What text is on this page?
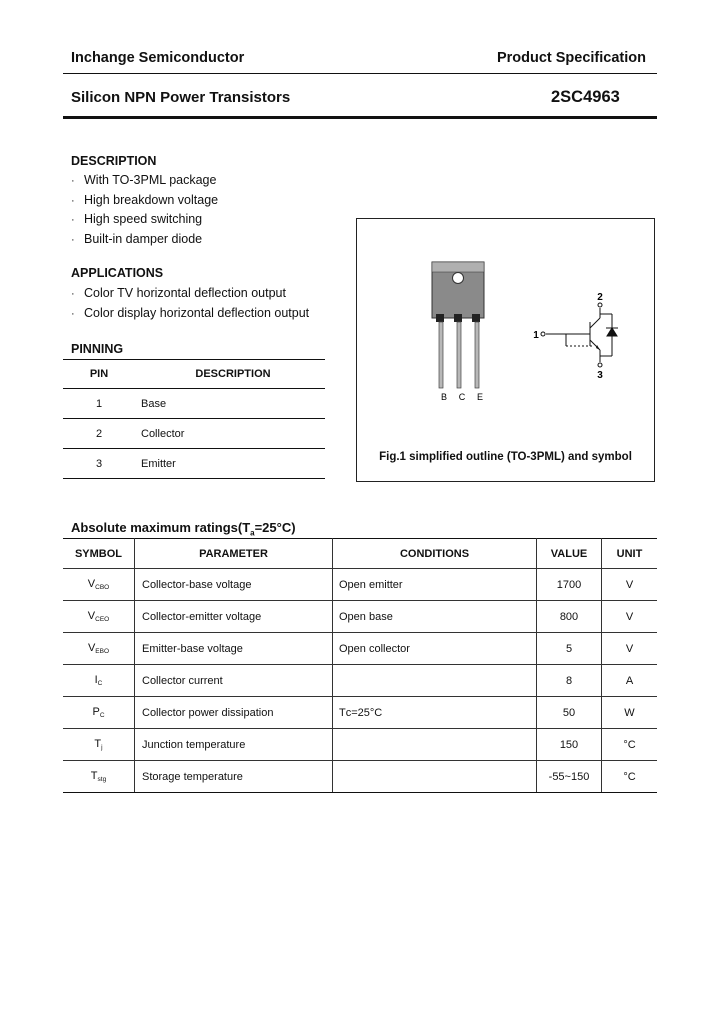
Inchange Semiconductor	Product Specification
Silicon NPN Power Transistors	2SC4963
DESCRIPTION
· With TO-3PML package
· High breakdown voltage
· High speed switching
· Built-in damper diode
APPLICATIONS
· Color TV horizontal deflection output
· Color display horizontal deflection output
PINNING
PIN	DESCRIPTION
1	Base
2	Collector
3	Emitter
B C E
1
2
3
Fig.1 simplified outline (TO-3PML) and symbol
Absolute maximum $ratings(T_a=25^\circ C)$
SYMBOL	PARAMETER	CONDITIONS	VALUE	UNIT
VCBO	Collector-base voltage	Open emitter	1700	V
VCEO	Collector-emitter voltage	Open base	800	V
VEBO	Emitter-base voltage	Open collector	5	V
IC	Collector current		8	A
PC	Collector power dissipation	Tᴄ=25°C	50	W
Tj	Junction temperature		150	°C
Tstg	Storage temperature		-55~150	°C
